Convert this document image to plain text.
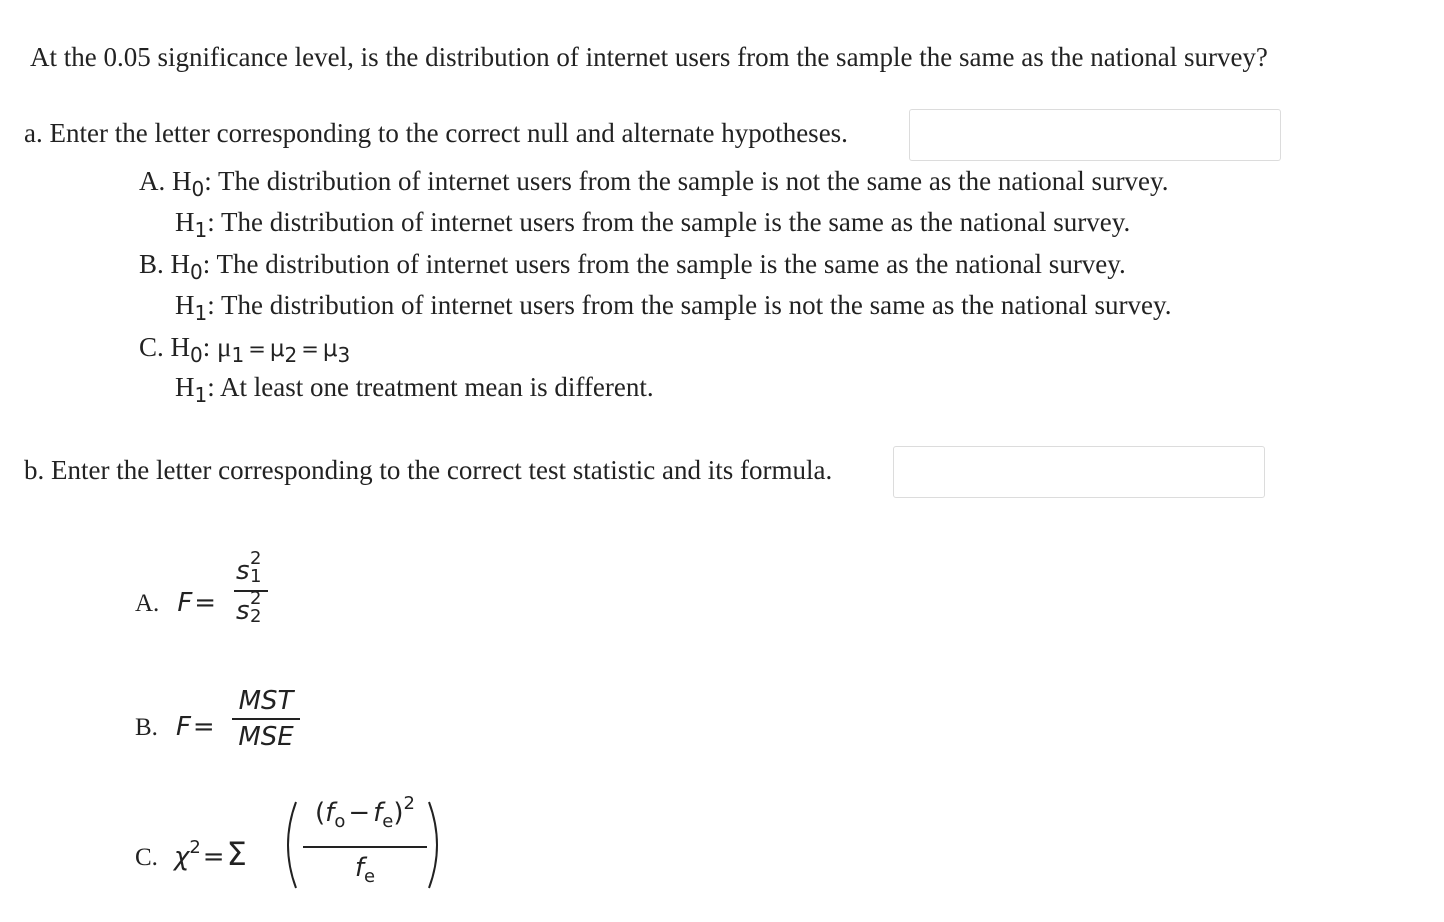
At the 0.05 significance level, is the distribution of internet users from the sample the same as the national survey?
a. Enter the letter corresponding to the correct null and alternate hypotheses.
A. $H_0$: The distribution of internet users from the sample is not the same as the national survey.
$H_1$: The distribution of internet users from the sample is the same as the national survey.
B. $H_0$: The distribution of internet users from the sample is the same as the national survey.
$H_1$: The distribution of internet users from the sample is not the same as the national survey.
C. $H_0$: $\mu_1 = \mu_2 = \mu_3$
$H_1$: At least one treatment mean is different.
b. Enter the letter corresponding to the correct test statistic and its formula.
A. F=
s 2
1
s 2
2
B. F=
MST
MSE
C. χ2=Σ
(fo − fe)2
fe
